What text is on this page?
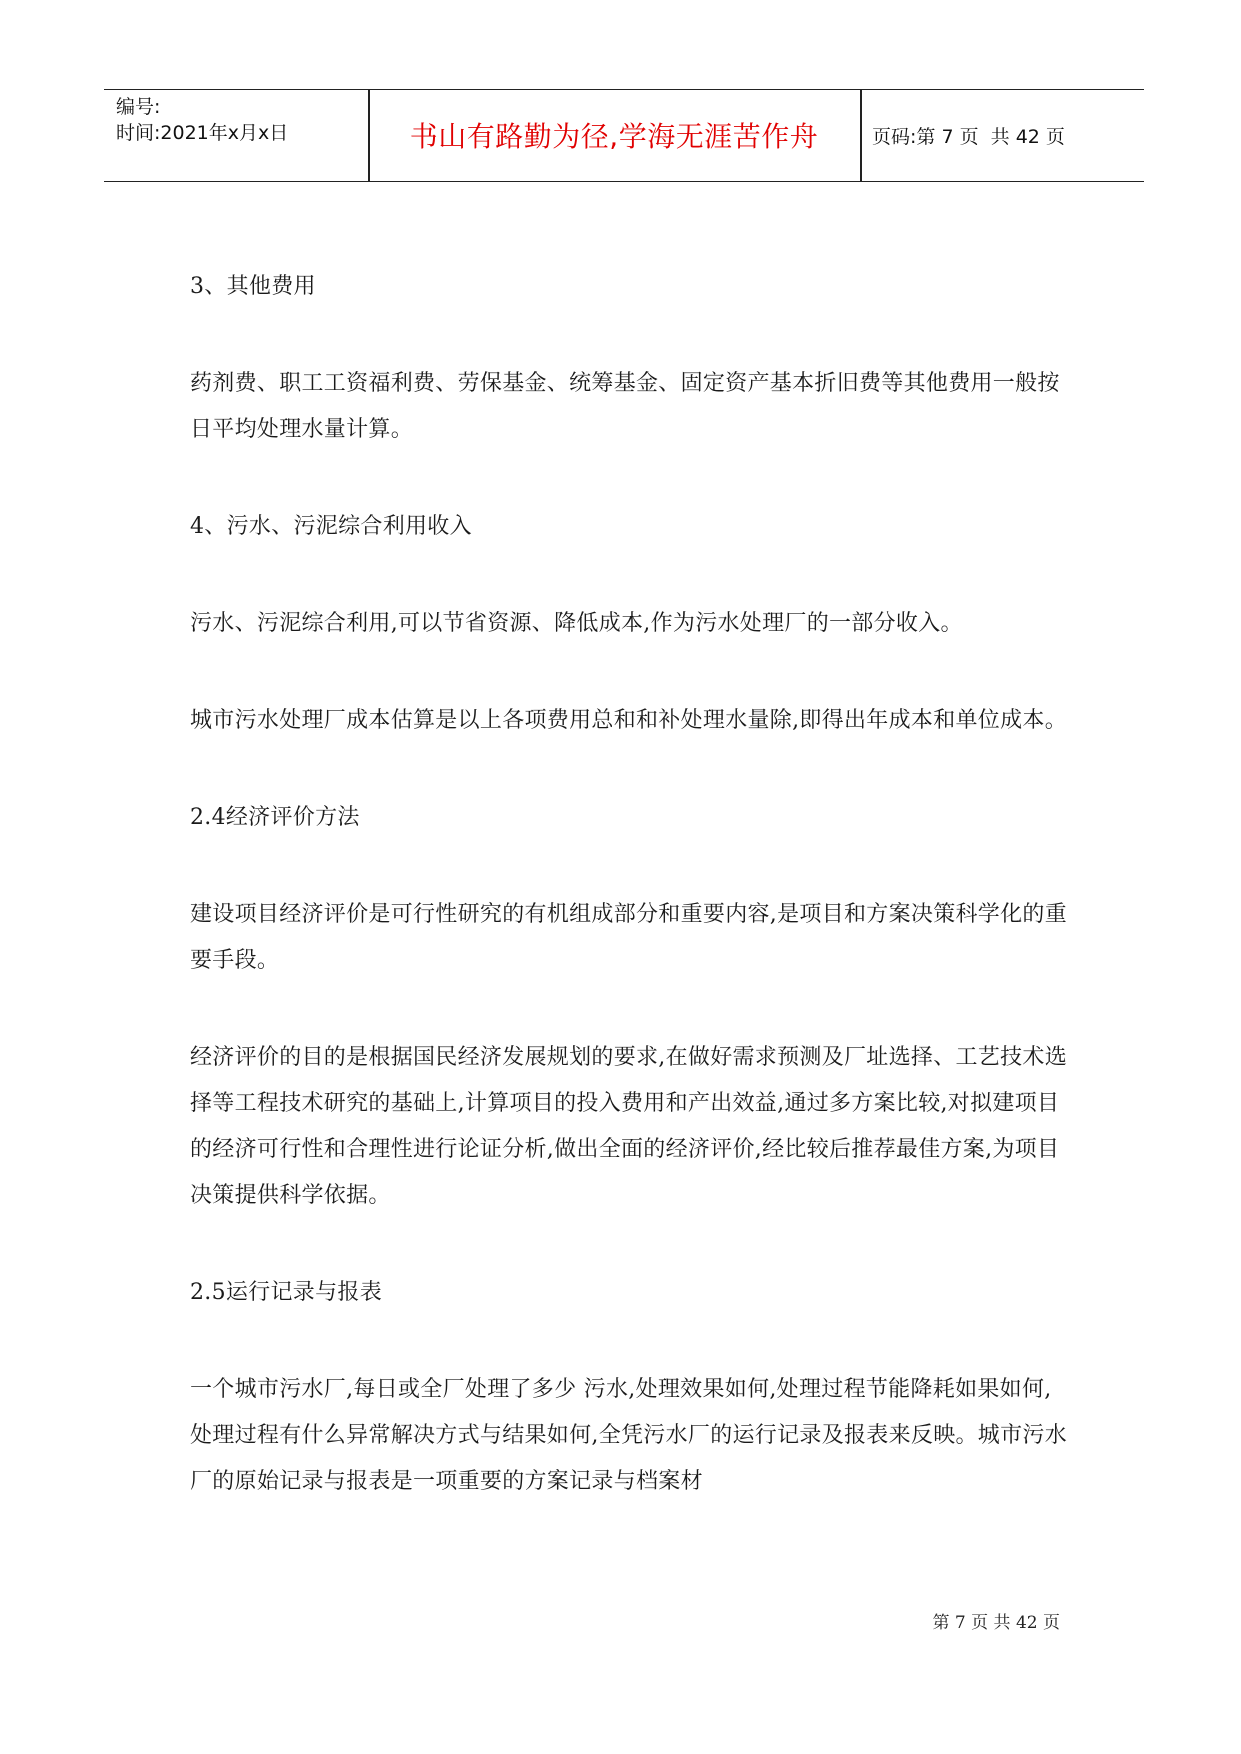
编号:
时间:2021年x月x日	书山有路勤为径,学海无涯苦作舟	页码:第 7 页  共 42 页

3、其他费用

药剂费、职工工资福利费、劳保基金、统筹基金、固定资产基本折旧费等其他费用一般按日平均处理水量计算。

4、污水、污泥综合利用收入

污水、污泥综合利用,可以节省资源、降低成本,作为污水处理厂的一部分收入。

城市污水处理厂成本估算是以上各项费用总和和补处理水量除,即得出年成本和单位成本。

2.4经济评价方法

建设项目经济评价是可行性研究的有机组成部分和重要内容,是项目和方案决策科学化的重要手段。

经济评价的目的是根据国民经济发展规划的要求,在做好需求预测及厂址选择、工艺技术选择等工程技术研究的基础上,计算项目的投入费用和产出效益,通过多方案比较,对拟建项目的经济可行性和合理性进行论证分析,做出全面的经济评价,经比较后推荐最佳方案,为项目决策提供科学依据。

2.5运行记录与报表

一个城市污水厂,每日或全厂处理了多少 污水,处理效果如何,处理过程节能降耗如果如何,处理过程有什么异常解决方式与结果如何,全凭污水厂的运行记录及报表来反映。城市污水厂的原始记录与报表是一项重要的方案记录与档案材

第 7 页 共 42 页
